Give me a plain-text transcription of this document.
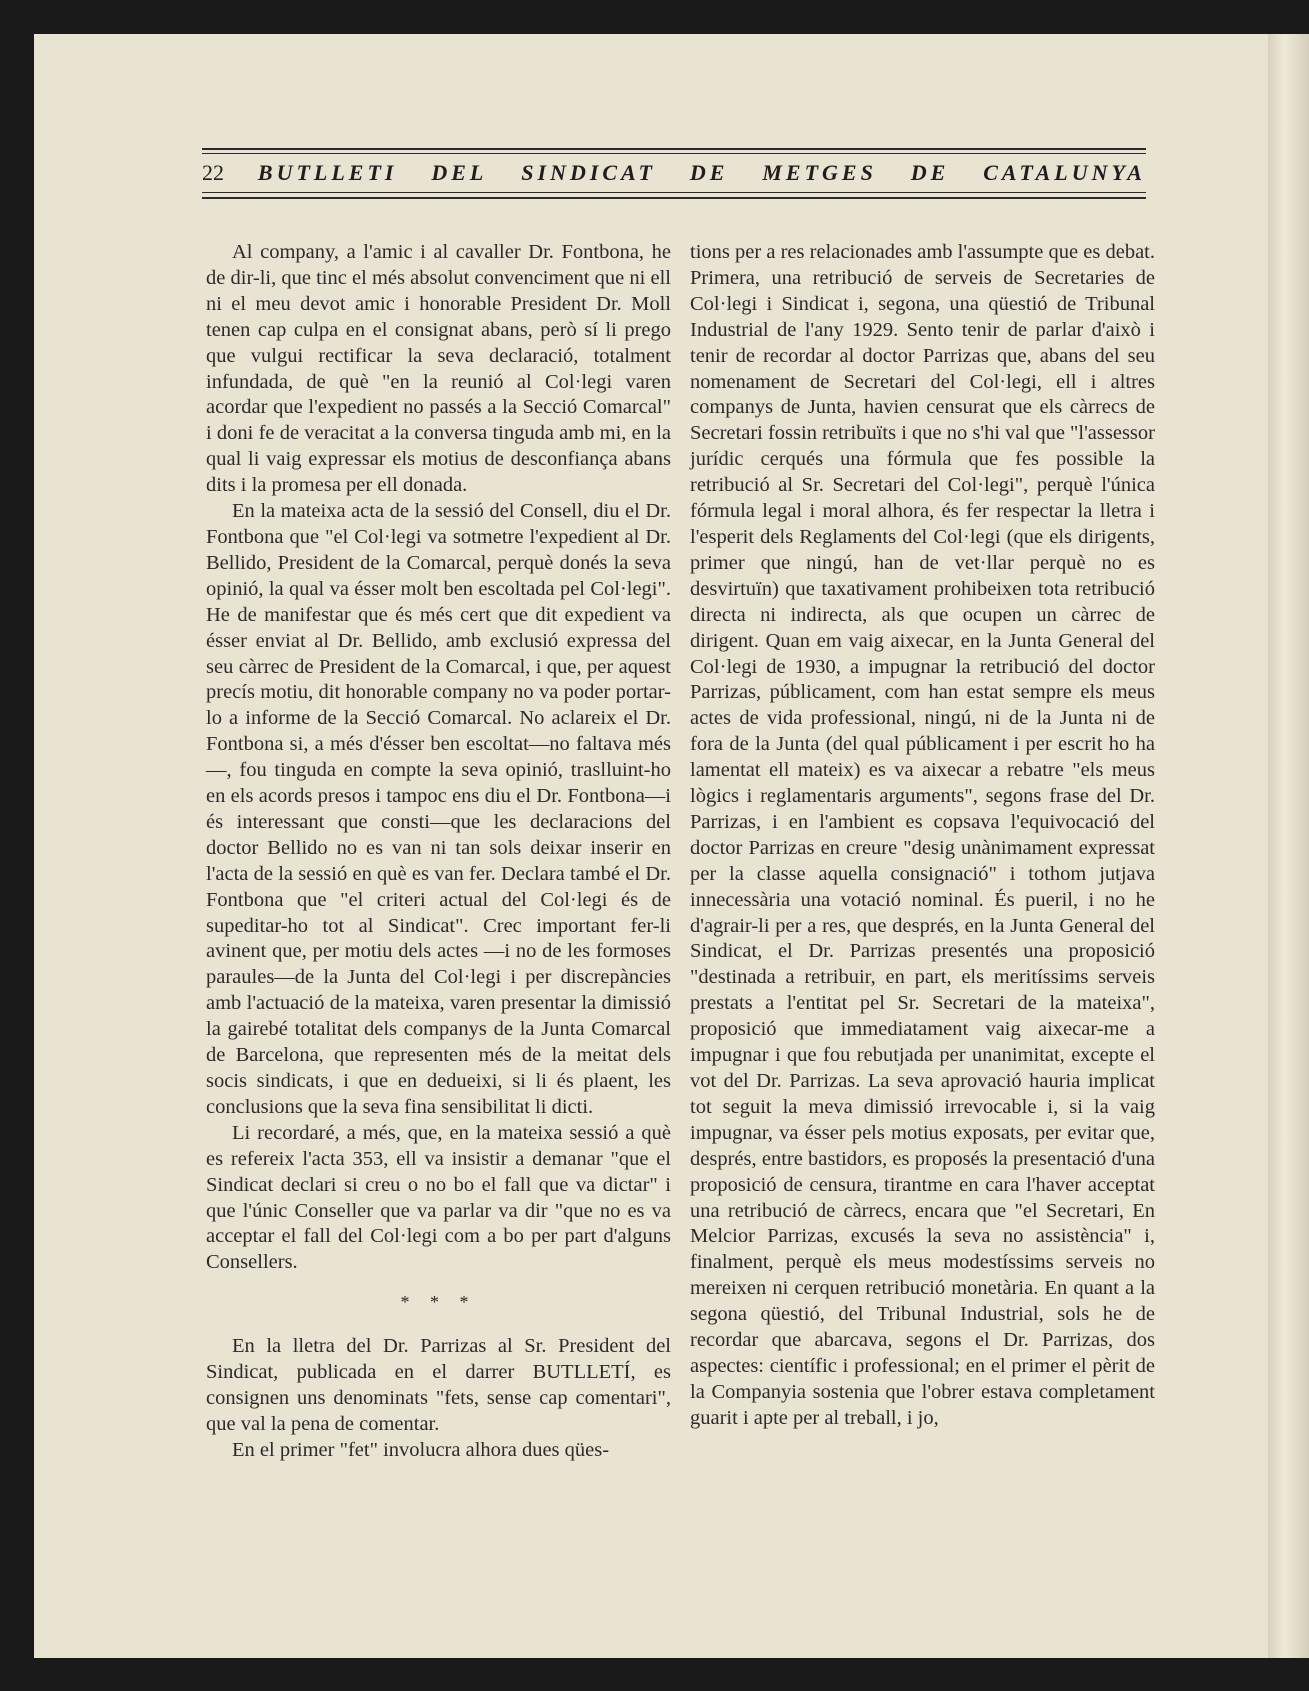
22 BUTLLETI DEL SINDICAT DE METGES DE CATALUNYA

Al company, a l'amic i al cavaller Dr. Fontbona, he de dir-li, que tinc el més absolut convenciment que ni ell ni el meu devot amic i honorable President Dr. Moll tenen cap culpa en el consignat abans, però sí li prego que vulgui rectificar la seva declaració, totalment infundada, de què "en la reunió al Col·legi varen acordar que l'expedient no passés a la Secció Comarcal" i doni fe de veracitat a la conversa tinguda amb mi, en la qual li vaig expressar els motius de desconfiança abans dits i la promesa per ell donada.

En la mateixa acta de la sessió del Consell, diu el Dr. Fontbona que "el Col·legi va sotmetre l'expedient al Dr. Bellido, President de la Comarcal, perquè donés la seva opinió, la qual va ésser molt ben escoltada pel Col·legi". He de manifestar que és més cert que dit expedient va ésser enviat al Dr. Bellido, amb exclusió expressa del seu càrrec de President de la Comarcal, i que, per aquest precís motiu, dit honorable company no va poder portar-lo a informe de la Secció Comarcal. No aclareix el Dr. Fontbona si, a més d'ésser ben escoltat—no faltava més—, fou tinguda en compte la seva opinió, traslluint-ho en els acords presos i tampoc ens diu el Dr. Fontbona—i és interessant que consti—que les declaracions del doctor Bellido no es van ni tan sols deixar inserir en l'acta de la sessió en què es van fer. Declara també el Dr. Fontbona que "el criteri actual del Col·legi és de supeditar-ho tot al Sindicat". Crec important fer-li avinent que, per motiu dels actes —i no de les formoses paraules—de la Junta del Col·legi i per discrepàncies amb l'actuació de la mateixa, varen presentar la dimissió la gairebé totalitat dels companys de la Junta Comarcal de Barcelona, que representen més de la meitat dels socis sindicats, i que en dedueixi, si li és plaent, les conclusions que la seva fina sensibilitat li dicti.

Li recordaré, a més, que, en la mateixa sessió a què es refereix l'acta 353, ell va insistir a demanar "que el Sindicat declari si creu o no bo el fall que va dictar" i que l'únic Conseller que va parlar va dir "que no es va acceptar el fall del Col·legi com a bo per part d'alguns Consellers.

* * *

En la lletra del Dr. Parrizas al Sr. President del Sindicat, publicada en el darrer BUTLLETÍ, es consignen uns denominats "fets, sense cap comentari", que val la pena de comentar.

En el primer "fet" involucra alhora dues qües-

tions per a res relacionades amb l'assumpte que es debat. Primera, una retribució de serveis de Secretaries de Col·legi i Sindicat i, segona, una qüestió de Tribunal Industrial de l'any 1929. Sento tenir de parlar d'això i tenir de recordar al doctor Parrizas que, abans del seu nomenament de Secretari del Col·legi, ell i altres companys de Junta, havien censurat que els càrrecs de Secretari fossin retribuïts i que no s'hi val que "l'assessor jurídic cerqués una fórmula que fes possible la retribució al Sr. Secretari del Col·legi", perquè l'única fórmula legal i moral alhora, és fer respectar la lletra i l'esperit dels Reglaments del Col·legi (que els dirigents, primer que ningú, han de vet·llar perquè no es desvirtuïn) que taxativament prohibeixen tota retribució directa ni indirecta, als que ocupen un càrrec de dirigent. Quan em vaig aixecar, en la Junta General del Col·legi de 1930, a impugnar la retribució del doctor Parrizas, públicament, com han estat sempre els meus actes de vida professional, ningú, ni de la Junta ni de fora de la Junta (del qual públicament i per escrit ho ha lamentat ell mateix) es va aixecar a rebatre "els meus lògics i reglamentaris arguments", segons frase del Dr. Parrizas, i en l'ambient es copsava l'equivocació del doctor Parrizas en creure "desig unànimament expressat per la classe aquella consignació" i tothom jutjava innecessària una votació nominal. És pueril, i no he d'agrair-li per a res, que després, en la Junta General del Sindicat, el Dr. Parrizas presentés una proposició "destinada a retribuir, en part, els meritíssims serveis prestats a l'entitat pel Sr. Secretari de la mateixa", proposició que immediatament vaig aixecar-me a impugnar i que fou rebutjada per unanimitat, excepte el vot del Dr. Parrizas. La seva aprovació hauria implicat tot seguit la meva dimissió irrevocable i, si la vaig impugnar, va ésser pels motius exposats, per evitar que, després, entre bastidors, es proposés la presentació d'una proposició de censura, tirantme en cara l'haver acceptat una retribució de càrrecs, encara que "el Secretari, En Melcior Parrizas, excusés la seva no assistència" i, finalment, perquè els meus modestíssims serveis no mereixen ni cerquen retribució monetària. En quant a la segona qüestió, del Tribunal Industrial, sols he de recordar que abarcava, segons el Dr. Parrizas, dos aspectes: científic i professional; en el primer el pèrit de la Companyia sostenia que l'obrer estava completament guarit i apte per al treball, i jo,
